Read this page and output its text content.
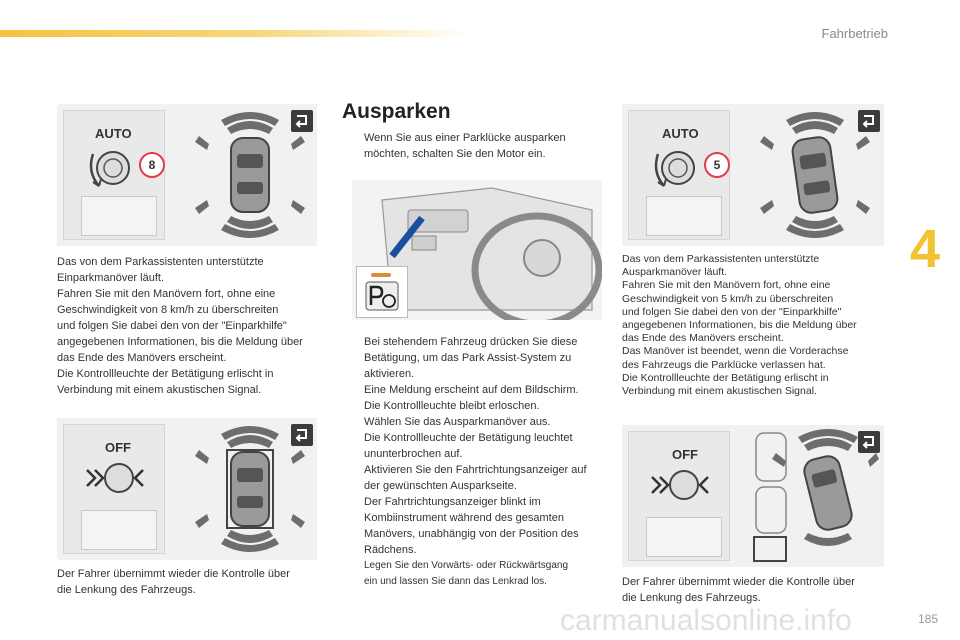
Fahrbetrieb
4
AUTO
8
OFF
AUTO
5
OFF
Ausparken
Wenn Sie aus einer Parklücke ausparken
möchten, schalten Sie den Motor ein.
Bei stehendem Fahrzeug drücken Sie diese
Betätigung, um das Park Assist-System zu
aktivieren.
Eine Meldung erscheint auf dem Bildschirm.
Die Kontrollleuchte bleibt erloschen.
Wählen Sie das Ausparkmanöver aus.
Die Kontrollleuchte der Betätigung leuchtet
ununterbrochen auf.
Aktivieren Sie den Fahrtrichtungsanzeiger auf
der gewünschten Ausparkseite.
Der Fahrtrichtungsanzeiger blinkt im
Kombiinstrument während des gesamten
Manövers, unabhängig von der Position des
Rädchens.
Legen Sie den Vorwärts- oder Rückwärtsgang
ein und lassen Sie dann das Lenkrad los.

Das von dem Parkassistenten unterstützte

Einparkmanöver läuft.

Fahren Sie mit den Manövern fort, ohne eine

Geschwindigkeit von 8 km/h zu überschreiten

und folgen Sie dabei den von der "Einparkhilfe"

angegebenen Informationen, bis die Meldung über

das Ende des Manövers erscheint.

Die Kontrollleuchte der Betätigung erlischt in

Verbindung mit einem akustischen Signal.

Der Fahrer übernimmt wieder die Kontrolle über

die Lenkung des Fahrzeugs.

Das von dem Parkassistenten unterstützte

Ausparkmanöver läuft.

Fahren Sie mit den Manövern fort, ohne eine

Geschwindigkeit von 5 km/h zu überschreiten

und folgen Sie dabei den von der "Einparkhilfe"

angegebenen Informationen, bis die Meldung über

das Ende des Manövers erscheint.

Das Manöver ist beendet, wenn die Vorderachse

des Fahrzeugs die Parklücke verlassen hat.

Die Kontrollleuchte der Betätigung erlischt in

Verbindung mit einem akustischen Signal.

Der Fahrer übernimmt wieder die Kontrolle über

die Lenkung des Fahrzeugs.

carmanualsonline.info	185
